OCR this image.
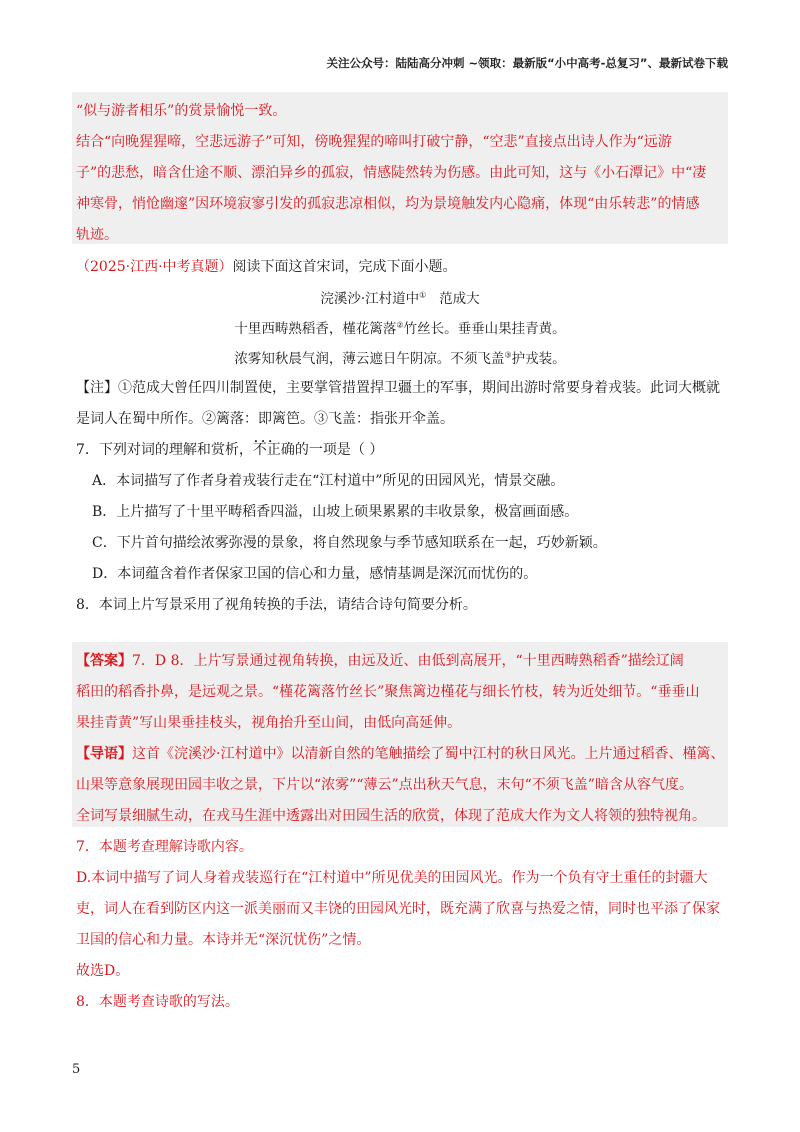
关注公众号：陆陆高分冲刺 ~领取：最新版“小中高考-总复习”、最新试卷下载
“似与游者相乐”的赏景愉悦一致。
结合“向晚猩猩啼，空悲远游子”可知，傍晚猩猩的啼叫打破宁静，“空悲”直接点出诗人作为“远游
子”的悲愁，暗含仕途不顺、漂泊异乡的孤寂，情感陡然转为伤感。由此可知，这与《小石潭记》中“凄
神寒骨，悄怆幽邃”因环境寂寥引发的孤寂悲凉相似，均为景境触发内心隐痛，体现“由乐转悲”的情感
轨迹。
（2025·江西·中考真题）阅读下面这首宋词，完成下面小题。
浣溪沙·江村道中① 范成大
十里西畴熟稻香，槿花篱落②竹丝长。垂垂山果挂青黄。
浓雾知秋晨气润，薄云遮日午阴凉。不须飞盖③护戎装。
【注】①范成大曾任四川制置使，主要掌管措置捍卫疆土的军事，期间出游时常要身着戎装。此词大概就
是词人在蜀中所作。②篱落：即篱笆。③飞盖：指张开伞盖。
7．下列对词的理解和赏析，••• 不正确的一项是（ ）
A．本词描写了作者身着戎装行走在“江村道中”所见的田园风光，情景交融。
B．上片描写了十里平畴稻香四溢，山坡上硕果累累的丰收景象，极富画面感。
C．下片首句描绘浓雾弥漫的景象，将自然现象与季节感知联系在一起，巧妙新颖。
D．本词蕴含着作者保家卫国的信心和力量，感情基调是深沉而忧伤的。
8．本词上片写景采用了视角转换的手法，请结合诗句简要分析。
【答案】7．D 8．上片写景通过视角转换，由远及近、由低到高展开，“十里西畴熟稻香”描绘辽阔
稻田的稻香扑鼻，是远观之景。“槿花篱落竹丝长”聚焦篱边槿花与细长竹枝，转为近处细节。“垂垂山
果挂青黄”写山果垂挂枝头，视角抬升至山间，由低向高延伸。
【导语】这首《浣溪沙·江村道中》以清新自然的笔触描绘了蜀中江村的秋日风光。上片通过稻香、槿篱、
山果等意象展现田园丰收之景，下片以“浓雾”“薄云”点出秋天气息，末句“不须飞盖”暗含从容气度。
全词写景细腻生动，在戎马生涯中透露出对田园生活的欣赏，体现了范成大作为文人将领的独特视角。
7．本题考查理解诗歌内容。
D.本词中描写了词人身着戎装巡行在“江村道中”所见优美的田园风光。作为一个负有守土重任的封疆大
吏，词人在看到防区内这一派美丽而又丰饶的田园风光时，既充满了欣喜与热爱之情，同时也平添了保家
卫国的信心和力量。本诗并无“深沉忧伤”之情。
故选D。
8．本题考查诗歌的写法。
5
